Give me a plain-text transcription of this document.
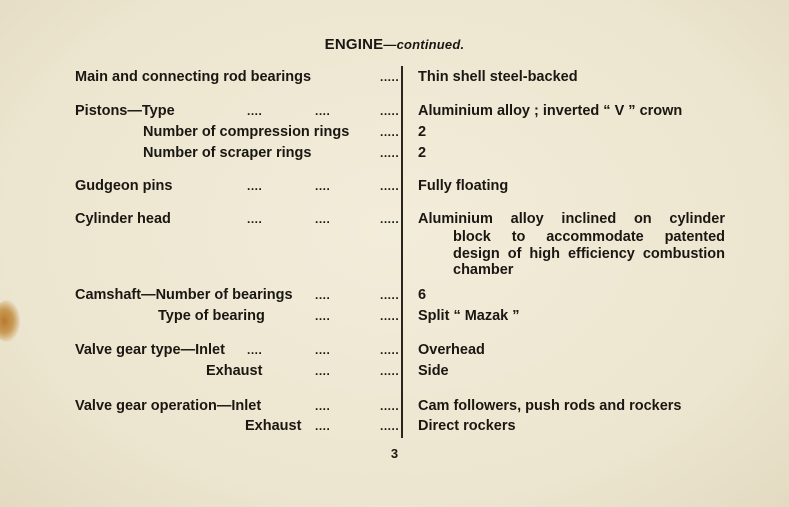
ENGINE—continued.
Main and connecting rod bearings	..... Thin shell steel-backed
Pistons—Type	....	....	..... Aluminium alloy ; inverted “ V ” crown
Number of compression rings	..... 2
Number of scraper rings	..... 2
Gudgeon pins	....	....	..... Fully floating
Cylinder head	....	....	..... Aluminium alloy inclined on cylinder
block to accommodate patented
design of high efficiency combustion
chamber
Camshaft—Number of bearings ....	..... 6
Type of bearing	....	..... Split “ Mazak ”
Valve gear type—Inlet ....	....	..... Overhead
Exhaust	....	..... Side
Valve gear operation—Inlet	....	..... Cam followers, push rods and rockers
Exhaust ....	..... Direct rockers
3
